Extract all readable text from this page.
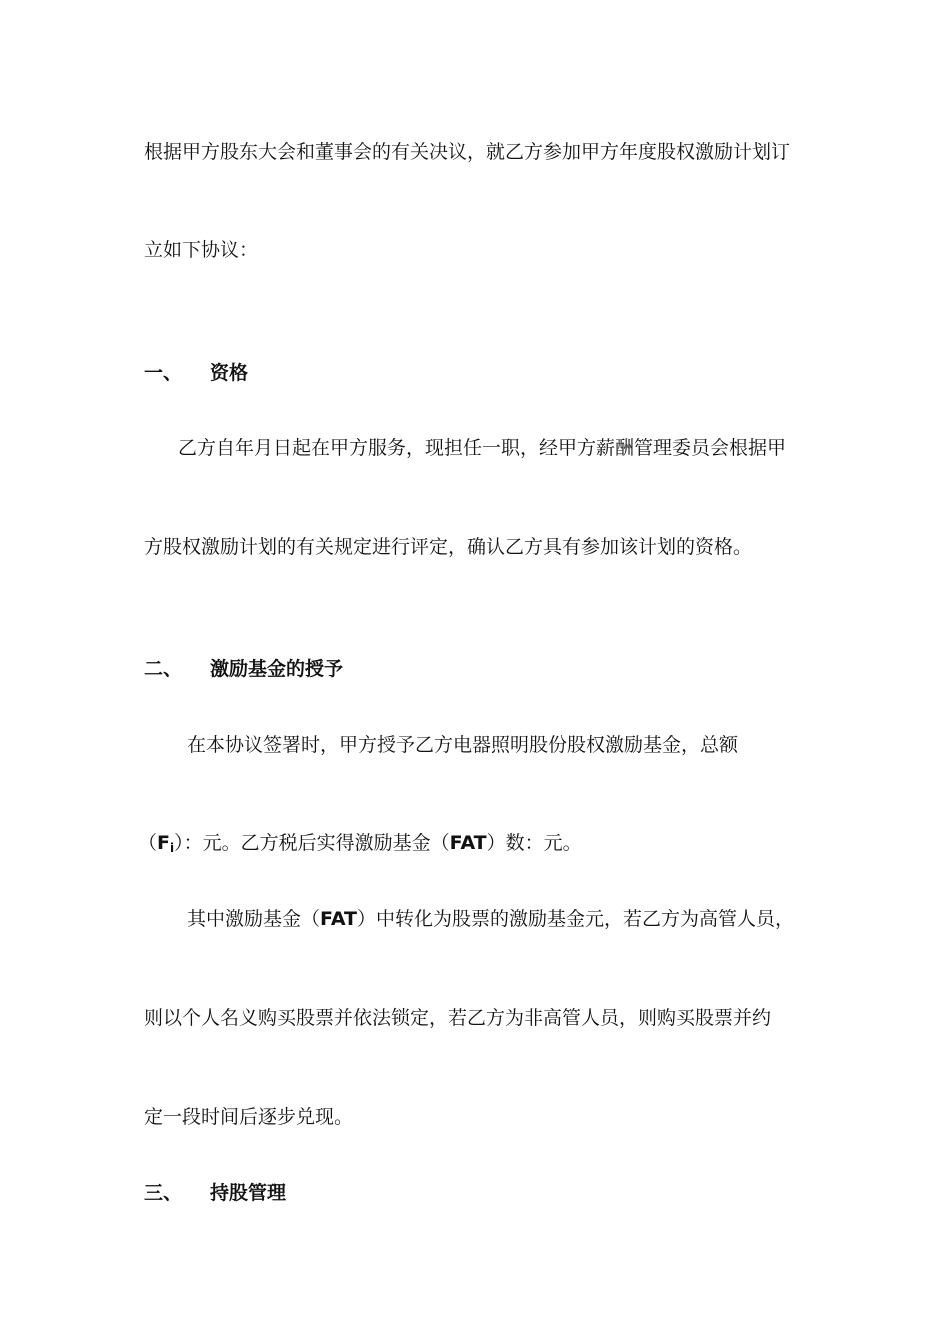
根据甲方股东大会和董事会的有关决议，就乙方参加甲方年度股权激励计划订
立如下协议：
一、 资格
乙方自年月日起在甲方服务，现担任一职，经甲方薪酬管理委员会根据甲
方股权激励计划的有关规定进行评定，确认乙方具有参加该计划的资格。
二、 激励基金的授予
在本协议签署时，甲方授予乙方电器照明股份股权激励基金，总额
$(F_i)$：元。乙方税后实得激励基金（FAT）数：元。
其中激励基金（FAT）中转化为股票的激励基金元，若乙方为高管人员，
则以个人名义购买股票并依法锁定，若乙方为非高管人员，则购买股票并约
定一段时间后逐步兑现。
三、 持股管理
